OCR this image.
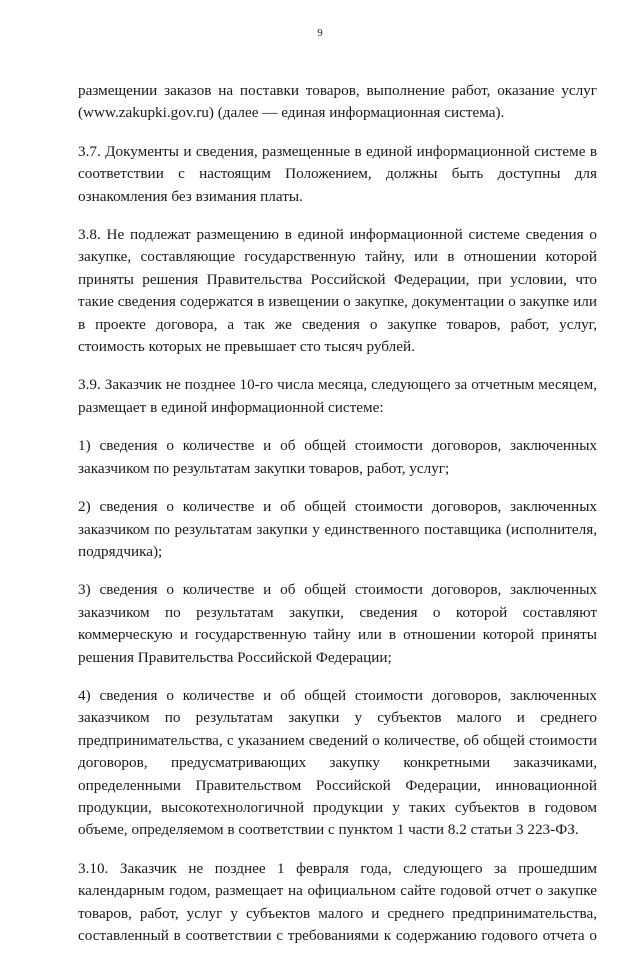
9
размещении заказов на поставки товаров, выполнение работ, оказание услуг
(www.zakupki.gov.ru) (далее — единая информационная система).
3.7. Документы и сведения, размещенные в единой информационной системе в
соответствии с настоящим Положением, должны быть доступны для
ознакомления без взимания платы.
3.8. Не подлежат размещению в единой информационной системе сведения о
закупке, составляющие государственную тайну, или в отношении которой
приняты решения Правительства Российской Федерации, при условии, что
такие сведения содержатся в извещении о закупке, документации о закупке или
в проекте договора, а так же сведения о закупке товаров, работ, услуг,
стоимость которых не превышает сто тысяч рублей.
3.9. Заказчик не позднее 10-го числа месяца, следующего за отчетным месяцем,
размещает в единой информационной системе:
1) сведения о количестве и об общей стоимости договоров, заключенных
заказчиком по результатам закупки товаров, работ, услуг;
2) сведения о количестве и об общей стоимости договоров, заключенных
заказчиком по результатам закупки у единственного поставщика (исполнителя,
подрядчика);
3) сведения о количестве и об общей стоимости договоров, заключенных
заказчиком по результатам закупки, сведения о которой составляют
коммерческую и государственную тайну или в отношении которой приняты
решения Правительства Российской Федерации;
4) сведения о количестве и об общей стоимости договоров, заключенных
заказчиком по результатам закупки у субъектов малого и среднего
предпринимательства, с указанием сведений о количестве, об общей стоимости
договоров, предусматривающих закупку конкретными заказчиками,
определенными Правительством Российской Федерации, инновационной
продукции, высокотехнологичной продукции у таких субъектов в годовом
объеме, определяемом в соответствии с пунктом 1 части 8.2 статьи 3 223-ФЗ.
3.10. Заказчик не позднее 1 февраля года, следующего за прошедшим
календарным годом, размещает на официальном сайте годовой отчет о закупке
товаров, работ, услуг у субъектов малого и среднего предпринимательства,
составленный в соответствии с требованиями к содержанию годового отчета о
